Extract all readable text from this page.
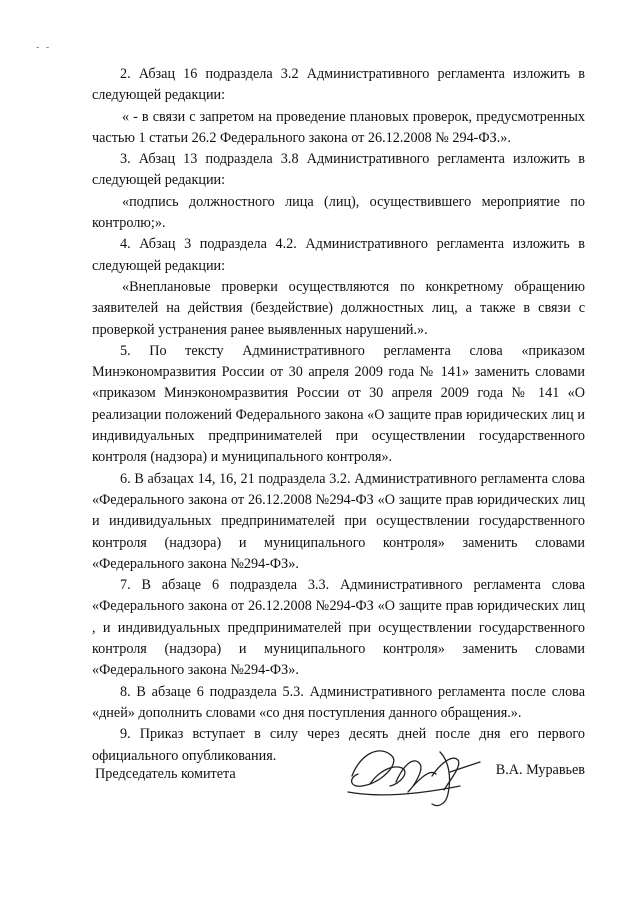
- -

2. Абзац 16 подраздела 3.2 Административного регламента изложить в следующей редакции:

« - в связи с запретом на проведение плановых проверок, предусмотренных частью 1 статьи 26.2 Федерального закона от 26.12.2008 № 294-ФЗ.».

3. Абзац 13 подраздела 3.8 Административного регламента изложить в следующей редакции:

«подпись должностного лица (лиц), осуществившего мероприятие по контролю;».

4. Абзац 3 подраздела 4.2. Административного регламента изложить в следующей редакции:

«Внеплановые проверки осуществляются по конкретному обращению заявителей на действия (бездействие) должностных лиц, а также в связи с проверкой устранения ранее выявленных нарушений.».

5. По тексту Административного регламента слова «приказом Минэкономразвития России от 30 апреля 2009 года № 141» заменить словами «приказом Минэкономразвития России от 30 апреля 2009 года № 141 «О реализации положений Федерального закона «О защите прав юридических лиц и индивидуальных предпринимателей при осуществлении государственного контроля (надзора) и муниципального контроля».

6. В абзацах 14, 16, 21 подраздела 3.2. Административного регламента слова «Федерального закона от 26.12.2008 №294-ФЗ «О защите прав юридических лиц и индивидуальных предпринимателей при осуществлении государственного контроля (надзора) и муниципального контроля» заменить словами «Федерального закона №294-ФЗ».

7. В абзаце 6 подраздела 3.3. Административного регламента слова «Федерального закона от 26.12.2008 №294-ФЗ «О защите прав юридических лиц , и индивидуальных предпринимателей при осуществлении государственного контроля (надзора) и муниципального контроля» заменить словами «Федерального закона №294-ФЗ».

8. В абзаце 6 подраздела 5.3. Административного регламента после слова «дней» дополнить словами «со дня поступления данного обращения.».

9. Приказ вступает в силу через десять дней после дня его первого официального опубликования.

Председатель комитета	В.А. Муравьев
